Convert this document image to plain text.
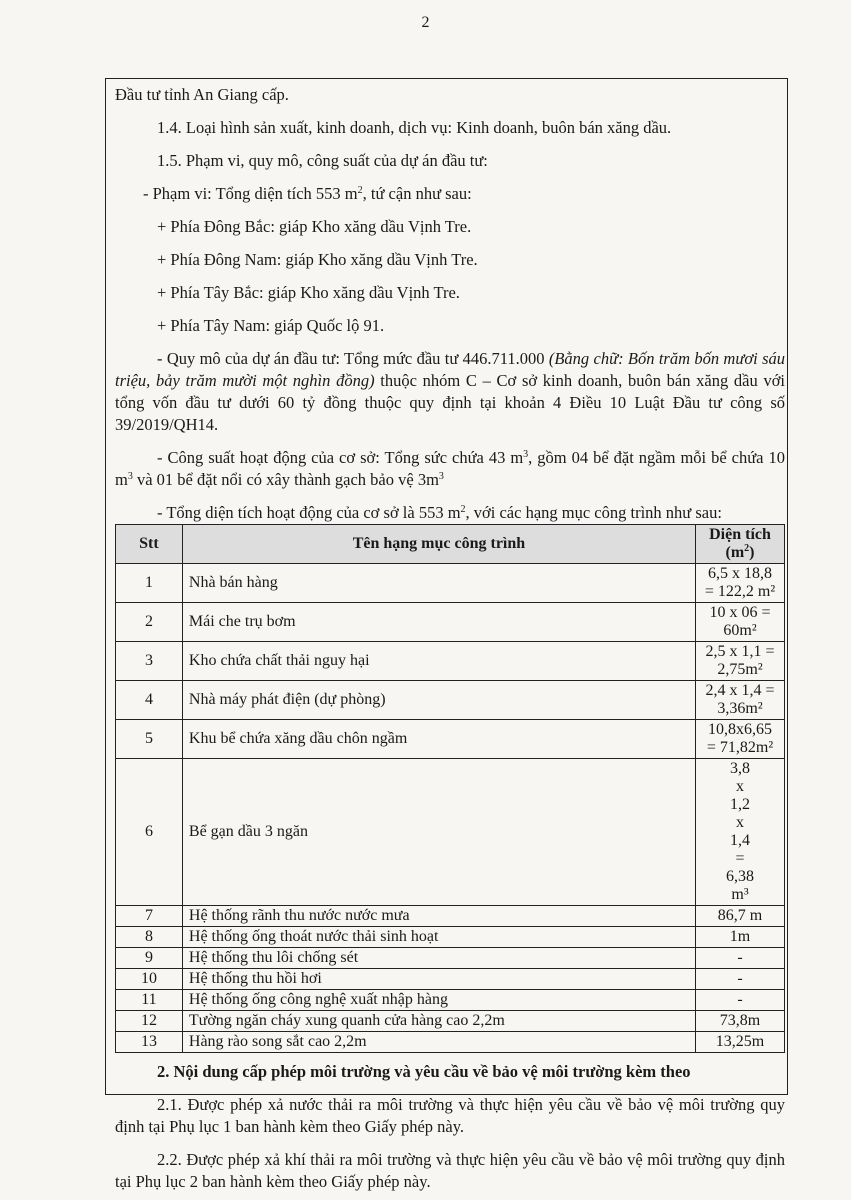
2

Đầu tư tỉnh An Giang cấp.

1.4. Loại hình sản xuất, kinh doanh, dịch vụ: Kinh doanh, buôn bán xăng dầu.

1.5. Phạm vi, quy mô, công suất của dự án đầu tư:

- Phạm vi: Tổng diện tích 553 $m^2$, tứ cận như sau:

+ Phía Đông Bắc: giáp Kho xăng dầu Vịnh Tre.

+ Phía Đông Nam: giáp Kho xăng dầu Vịnh Tre.

+ Phía Tây Bắc: giáp Kho xăng dầu Vịnh Tre.

+ Phía Tây Nam: giáp Quốc lộ 91.

- Quy mô của dự án đầu tư: Tổng mức đầu tư 446.711.000 (Bằng chữ: Bốn trăm bốn mươi sáu triệu, bảy trăm mười một nghìn đồng) thuộc nhóm C – Cơ sở kinh doanh, buôn bán xăng dầu với tổng vốn đầu tư dưới 60 tỷ đồng thuộc quy định tại khoản 4 Điều 10 Luật Đầu tư công số 39/2019/QH14.

- Công suất hoạt động của cơ sở: Tổng sức chứa 43 $m^3$, gồm 04 bể đặt ngầm mỗi bể chứa 10 $m^3$ và 01 bể đặt nổi có xây thành gạch bảo vệ $3m^3$

- Tổng diện tích hoạt động của cơ sở là 553 $m^2$, với các hạng mục công trình như sau:

Stt	Tên hạng mục công trình	Diện tích $(m^2)$
1	Nhà bán hàng	6,5 x 18,8 = 122,2 m²
2	Mái che trụ bơm	10 x 06 = 60m²
3	Kho chứa chất thải nguy hại	2,5 x 1,1 = 2,75m²
4	Nhà máy phát điện (dự phòng)	2,4 x 1,4 = 3,36m²
5	Khu bể chứa xăng dầu chôn ngầm	10,8x6,65 = 71,82m²
6	Bể gạn dầu 3 ngăn	3,8 x 1,2 x 1,4 = 6,38 m³
7	Hệ thống rãnh thu nước nước mưa	86,7 m
8	Hệ thống ống thoát nước thải sinh hoạt	1m
9	Hệ thống thu lôi chống sét	-
10	Hệ thống thu hồi hơi	-
11	Hệ thống ống công nghệ xuất nhập hàng	-
12	Tường ngăn cháy xung quanh cửa hàng cao 2,2m	73,8m
13	Hàng rào song sắt cao 2,2m	13,25m

2. Nội dung cấp phép môi trường và yêu cầu về bảo vệ môi trường kèm theo

2.1. Được phép xả nước thải ra môi trường và thực hiện yêu cầu về bảo vệ môi trường quy định tại Phụ lục 1 ban hành kèm theo Giấy phép này.

2.2. Được phép xả khí thải ra môi trường và thực hiện yêu cầu về bảo vệ môi trường quy định tại Phụ lục 2 ban hành kèm theo Giấy phép này.
